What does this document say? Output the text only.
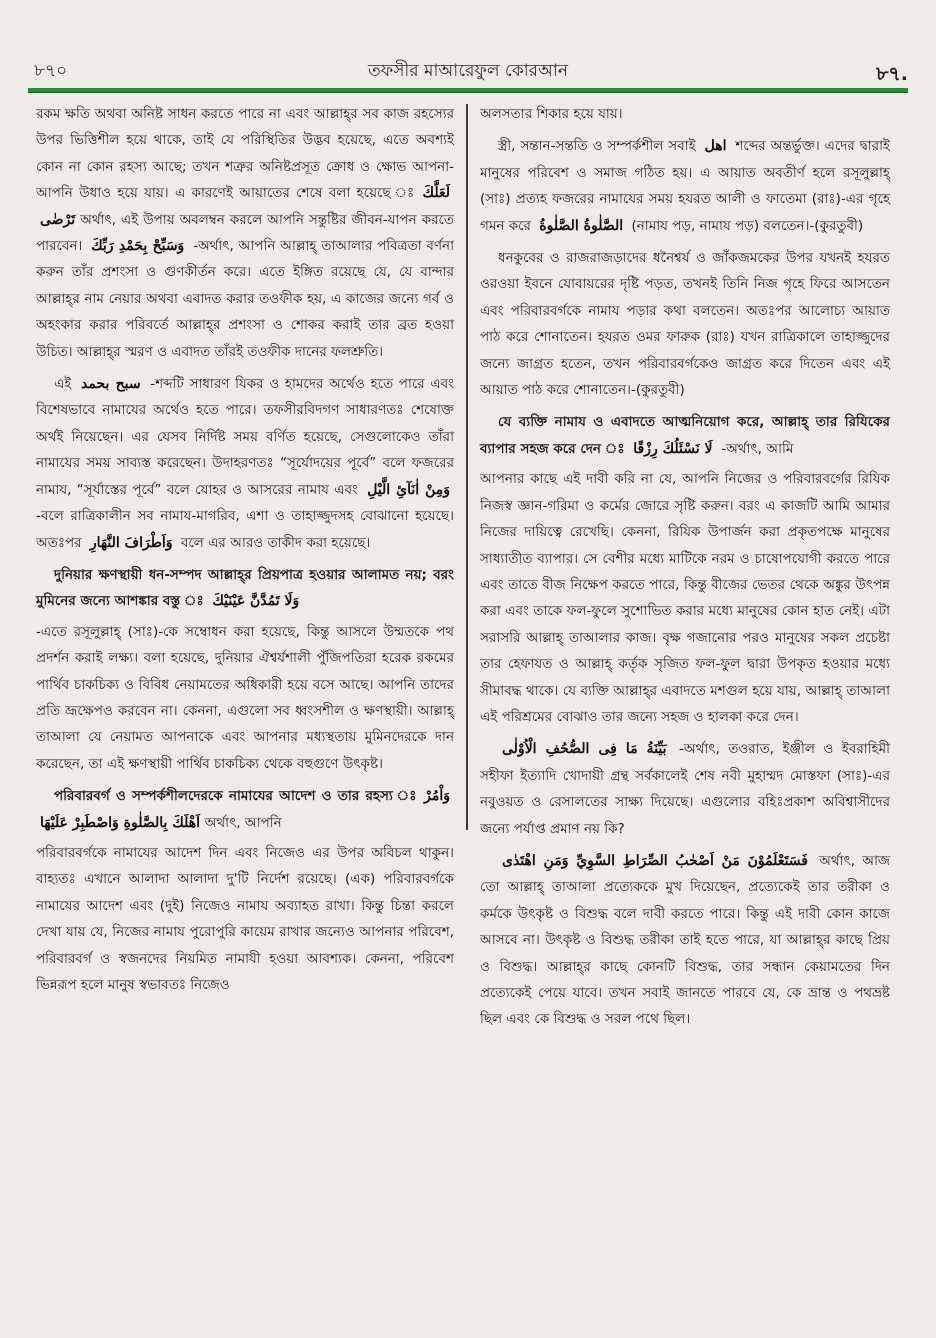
৮৭০	তফসীর মাআরেফুল কোরআন	৮৭.

রকম ক্ষতি অথবা অনিষ্ট সাধন করতে পারে না এবং আল্লাহ্‌র সব কাজ রহস্যের উপর ভিত্তিশীল হয়ে থাকে, তাই যে পরিস্থিতির উদ্ভব হয়েছে, এতে অবশ্যই কোন না কোন রহস্য আছে; তখন শত্রুর অনিষ্টপ্রসূত ক্রোধ ও ক্ষোভ আপনা-আপনি উধাও হয়ে যায়। এ কারণেই আয়াতের শেষে বলা হয়েছে ঃ لَعَلَّكَ تَرْضٰى অর্থাৎ, এই উপায় অবলম্বন করলে আপনি সন্তুষ্টির জীবন-যাপন করতে পারবেন। وَسَبِّحْ بِحَمْدِ رَبِّكَ -অর্থাৎ, আপনি আল্লাহ্‌ তাআলার পবিত্রতা বর্ণনা করুন তাঁর প্রশংসা ও গুণকীর্তন করে। এতে ইঙ্গিত রয়েছে যে, যে বান্দার আল্লাহ্‌র নাম নেয়ার অথবা এবাদত করার তওফীক হয়, এ কাজের জন্যে গর্ব ও অহংকার করার পরিবর্তে আল্লাহ্‌র প্রশংসা ও শোকর করাই তার ব্রত হওয়া উচিত। আল্লাহ্‌র স্মরণ ও এবাদত তাঁরই তওফীক দানের ফলশ্রুতি।

এই سبح بحمد -শব্দটি সাধারণ যিকর ও হামদের অর্থেও হতে পারে এবং বিশেষভাবে নামাযের অর্থেও হতে পারে। তফসীরবিদগণ সাধারণতঃ শেষোক্ত অর্থই নিয়েছেন। এর যেসব নির্দিষ্ট সময় বর্ণিত হয়েছে, সেগুলোকেও তাঁরা নামাযের সময় সাব্যস্ত করেছেন। উদাহরণতঃ “সূর্যোদয়ের পূর্বে” বলে ফজরের নামায, “সূর্যাস্তের পূর্বে” বলে যোহর ও আসরের নামায এবং وَمِنْ اٰنَآئِ الَّيْلِ -বলে রাত্রিকালীন সব নামায-মাগরিব, এশা ও তাহাজ্জুদসহ বোঝানো হয়েছে। অতঃপর وَاَطْرَافَ النَّهَارِ বলে এর আরও তাকীদ করা হয়েছে।

দুনিয়ার ক্ষণস্থায়ী ধন-সম্পদ আল্লাহ্‌র প্রিয়পাত্র হওয়ার আলামত নয়; বরং মুমিনের জন্যে আশঙ্কার বস্তু ঃ وَلَا تَمُدَّنَّ عَيْنَيْكَ

-এতে রসূলুল্লাহ্‌ (সাঃ)-কে সম্বোধন করা হয়েছে, কিন্তু আসলে উম্মতকে পথ প্রদর্শন করাই লক্ষ্য। বলা হয়েছে, দুনিয়ার ঐশ্বর্যশালী পুঁজিপতিরা হরেক রকমের পার্থিব চাকচিক্য ও বিবিধ নেয়ামতের অধিকারী হয়ে বসে আছে। আপনি তাদের প্রতি ভ্রূক্ষেপও করবেন না। কেননা, এগুলো সব ধ্বংসশীল ও ক্ষণস্থায়ী। আল্লাহ্‌ তাআলা যে নেয়ামত আপনাকে এবং আপনার মধ্যস্থতায় মুমিনদেরকে দান করেছেন, তা এই ক্ষণস্থায়ী পার্থিব চাকচিক্য থেকে বহুগুণে উৎকৃষ্ট।

পরিবারবর্গ ও সম্পর্কশীলদেরকে নামাযের আদেশ ও তার রহস্য ঃ وَاْمُرْ اَهْلَكَ بِالصَّلٰوةِ وَاصْطَبِرْ عَلَيْهَا অর্থাৎ, আপনি

পরিবারবর্গকে নামাযের আদেশ দিন এবং নিজেও এর উপর অবিচল থাকুন। বাহ্যতঃ এখানে আলাদা আলাদা দু'টি নির্দেশ রয়েছে। (এক) পরিবারবর্গকে নামাযের আদেশ এবং (দুই) নিজেও নামায অব্যাহত রাখা। কিন্তু চিন্তা করলে দেখা যায় যে, নিজের নামায পুরোপুরি কায়েম রাখার জন্যেও আপনার পরিবেশ, পরিবারবর্গ ও স্বজনদের নিয়মিত নামাযী হওয়া আবশ্যক। কেননা, পরিবেশ ভিন্নরূপ হলে মানুষ স্বভাবতঃ নিজেও

অলসতার শিকার হয়ে যায়।

স্ত্রী, সন্তান-সন্ততি ও সম্পর্কশীল সবাই اهل শব্দের অন্তর্ভুক্ত। এদের দ্বারাই মানুষের পরিবেশ ও সমাজ গঠিত হয়। এ আয়াত অবতীর্ণ হলে রসূলুল্লাহ্‌ (সাঃ) প্রত্যহ ফজরের নামাযের সময় হযরত আলী ও ফাতেমা (রাঃ)-এর গৃহে গমন করে الصَّلٰوةُ الصَّلٰوةُ (নামায পড়, নামায পড়) বলতেন।-(কুরতুবী)

ধনকুবের ও রাজরাজড়াদের ধনৈশ্বর্য ও জাঁকজমকের উপর যখনই হযরত ওরওয়া ইবনে যোবায়রের দৃষ্টি পড়ত, তখনই তিনি নিজ গৃহে ফিরে আসতেন এবং পরিবারবর্গকে নামায পড়ার কথা বলতেন। অতঃপর আলোচ্য আয়াত পাঠ করে শোনাতেন। হযরত ওমর ফারুক (রাঃ) যখন রাত্রিকালে তাহাজ্জুদের জন্যে জাগ্রত হতেন, তখন পরিবারবর্গকেও জাগ্রত করে দিতেন এবং এই আয়াত পাঠ করে শোনাতেন।-(কুরতুবী)

যে ব্যক্তি নামায ও এবাদতে আত্মনিয়োগ করে, আল্লাহ্‌ তার রিযিকের ব্যাপার সহজ করে দেন ঃ لَا نَسْئَلُكَ رِزْقًا -অর্থাৎ, আমি

আপনার কাছে এই দাবী করি না যে, আপনি নিজের ও পরিবারবর্গের রিযিক নিজস্ব জ্ঞান-গরিমা ও কর্মের জোরে সৃষ্টি করুন। বরং এ কাজটি আমি আমার নিজের দায়িত্বে রেখেছি। কেননা, রিযিক উপার্জন করা প্রকৃতপক্ষে মানুষের সাধ্যাতীত ব্যাপার। সে বেশীর মধ্যে মাটিকে নরম ও চাষোপযোগী করতে পারে এবং তাতে বীজ নিক্ষেপ করতে পারে, কিন্তু বীজের ভেতর থেকে অঙ্কুর উৎপন্ন করা এবং তাকে ফল-ফুলে সুশোভিত করার মধ্যে মানুষের কোন হাত নেই। এটা সরাসরি আল্লাহ্‌ তাআলার কাজ। বৃক্ষ গজানোর পরও মানুষের সকল প্রচেষ্টা তার হেফাযত ও আল্লাহ্‌ কর্তৃক সৃজিত ফল-ফুল দ্বারা উপকৃত হওয়ার মধ্যে সীমাবদ্ধ থাকে। যে ব্যক্তি আল্লাহ্‌র এবাদতে মশগুল হয়ে যায়, আল্লাহ্‌ তাআলা এই পরিশ্রমের বোঝাও তার জন্যে সহজ ও হালকা করে দেন।

بَيِّنَةُ مَا فِى الصُّحُفِ الْاُوْلٰى -অর্থাৎ, তওরাত, ইঞ্জীল ও ইবরাহিমী সহীফা ইত্যাদি খোদায়ী গ্রন্থ সর্বকালেই শেষ নবী মুহাম্মদ মোস্তফা (সাঃ)-এর নবুওয়ত ও রেসালতের সাক্ষ্য দিয়েছে। এগুলোর বহিঃপ্রকাশ অবিশ্বাসীদের জন্যে পর্যাপ্ত প্রমাণ নয় কি?

فَسَتَعْلَمُوْنَ مَنْ اَصْحٰبُ الصِّرَاطِ السَّوِيِّ وَمَنِ اهْتَدٰى অর্থাৎ, আজ তো আল্লাহ্‌ তাআলা প্রত্যেককে মুখ দিয়েছেন, প্রত্যেকেই তার তরীকা ও কর্মকে উৎকৃষ্ট ও বিশুদ্ধ বলে দাবী করতে পারে। কিন্তু এই দাবী কোন কাজে আসবে না। উৎকৃষ্ট ও বিশুদ্ধ তরীকা তাই হতে পারে, যা আল্লাহ্‌র কাছে প্রিয় ও বিশুদ্ধ। আল্লাহ্‌র কাছে কোনটি বিশুদ্ধ, তার সন্ধান কেয়ামতের দিন প্রত্যেকেই পেয়ে যাবে। তখন সবাই জানতে পারবে যে, কে ভ্রান্ত ও পথভ্রষ্ট ছিল এবং কে বিশুদ্ধ ও সরল পথে ছিল।
